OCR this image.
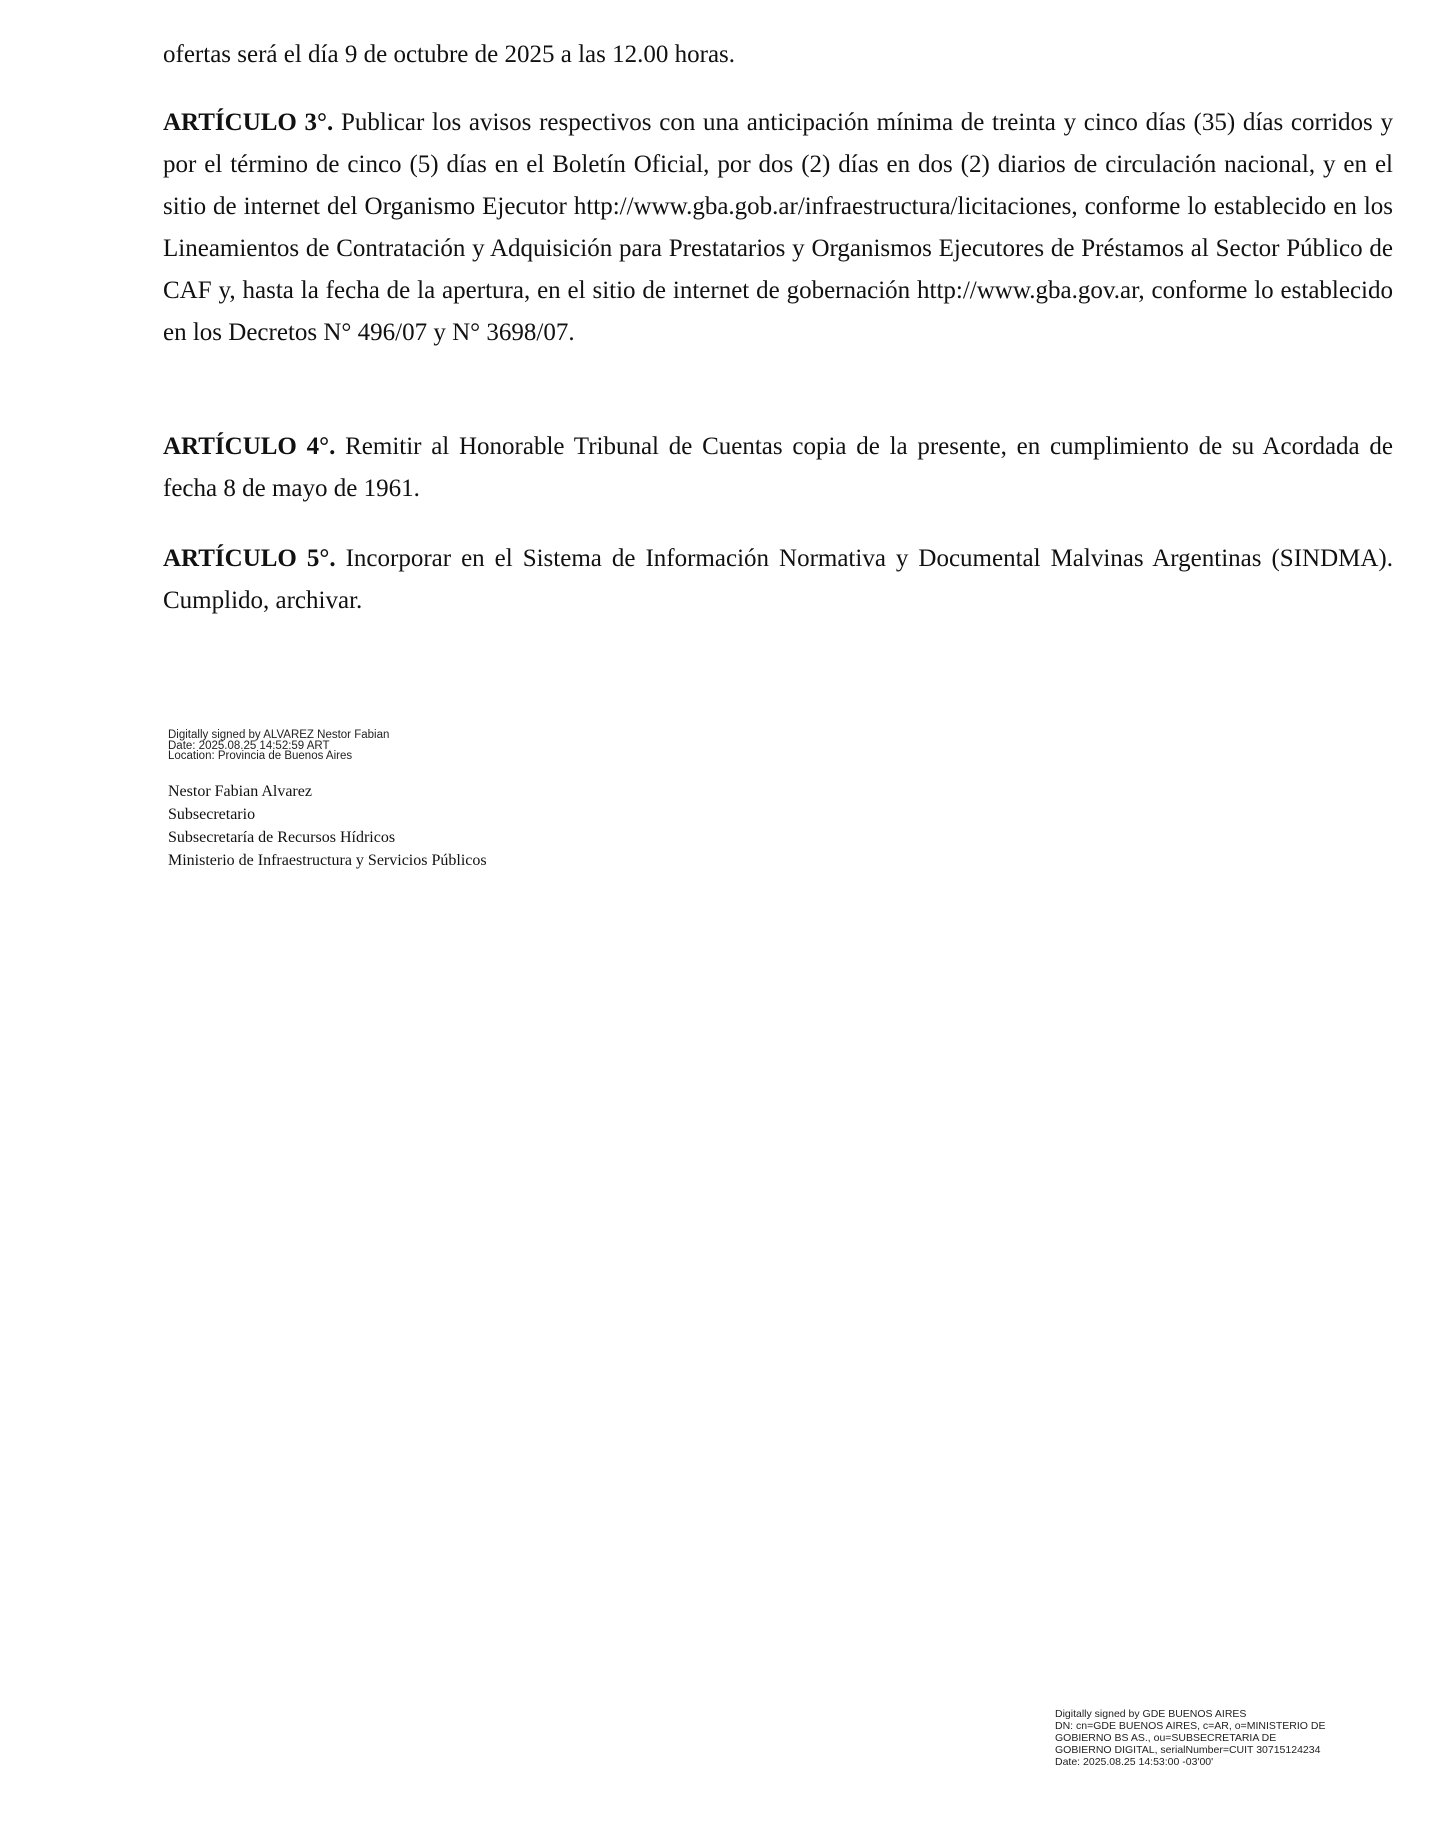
ofertas será el día 9 de octubre de 2025 a las 12.00 horas.

ARTÍCULO 3°. Publicar los avisos respectivos con una anticipación mínima de treinta y cinco días (35) días corridos y por el término de cinco (5) días en el Boletín Oficial, por dos (2) días en dos (2) diarios de circulación nacional, y en el sitio de internet del Organismo Ejecutor http://www.gba.gob.ar/infraestructura/licitaciones, conforme lo establecido en los Lineamientos de Contratación y Adquisición para Prestatarios y Organismos Ejecutores de Préstamos al Sector Público de CAF y, hasta la fecha de la apertura, en el sitio de internet de gobernación http://www.gba.gov.ar, conforme lo establecido en los Decretos N° 496/07 y N° 3698/07.

ARTÍCULO 4°. Remitir al Honorable Tribunal de Cuentas copia de la presente, en cumplimiento de su Acordada de fecha 8 de mayo de 1961.

ARTÍCULO 5°. Incorporar en el Sistema de Información Normativa y Documental Malvinas Argentinas (SINDMA). Cumplido, archivar.

Digitally signed by ALVAREZ Nestor Fabian
Date: 2025.08.25 14:52:59 ART
Location: Provincia de Buenos Aires
Nestor Fabian Alvarez
Subsecretario
Subsecretaría de Recursos Hídricos
Ministerio de Infraestructura y Servicios Públicos
Digitally signed by GDE BUENOS AIRES
DN: cn=GDE BUENOS AIRES, c=AR, o=MINISTERIO DE
GOBIERNO BS AS., ou=SUBSECRETARIA DE
GOBIERNO DIGITAL, serialNumber=CUIT 30715124234
Date: 2025.08.25 14:53:00 -03'00'
